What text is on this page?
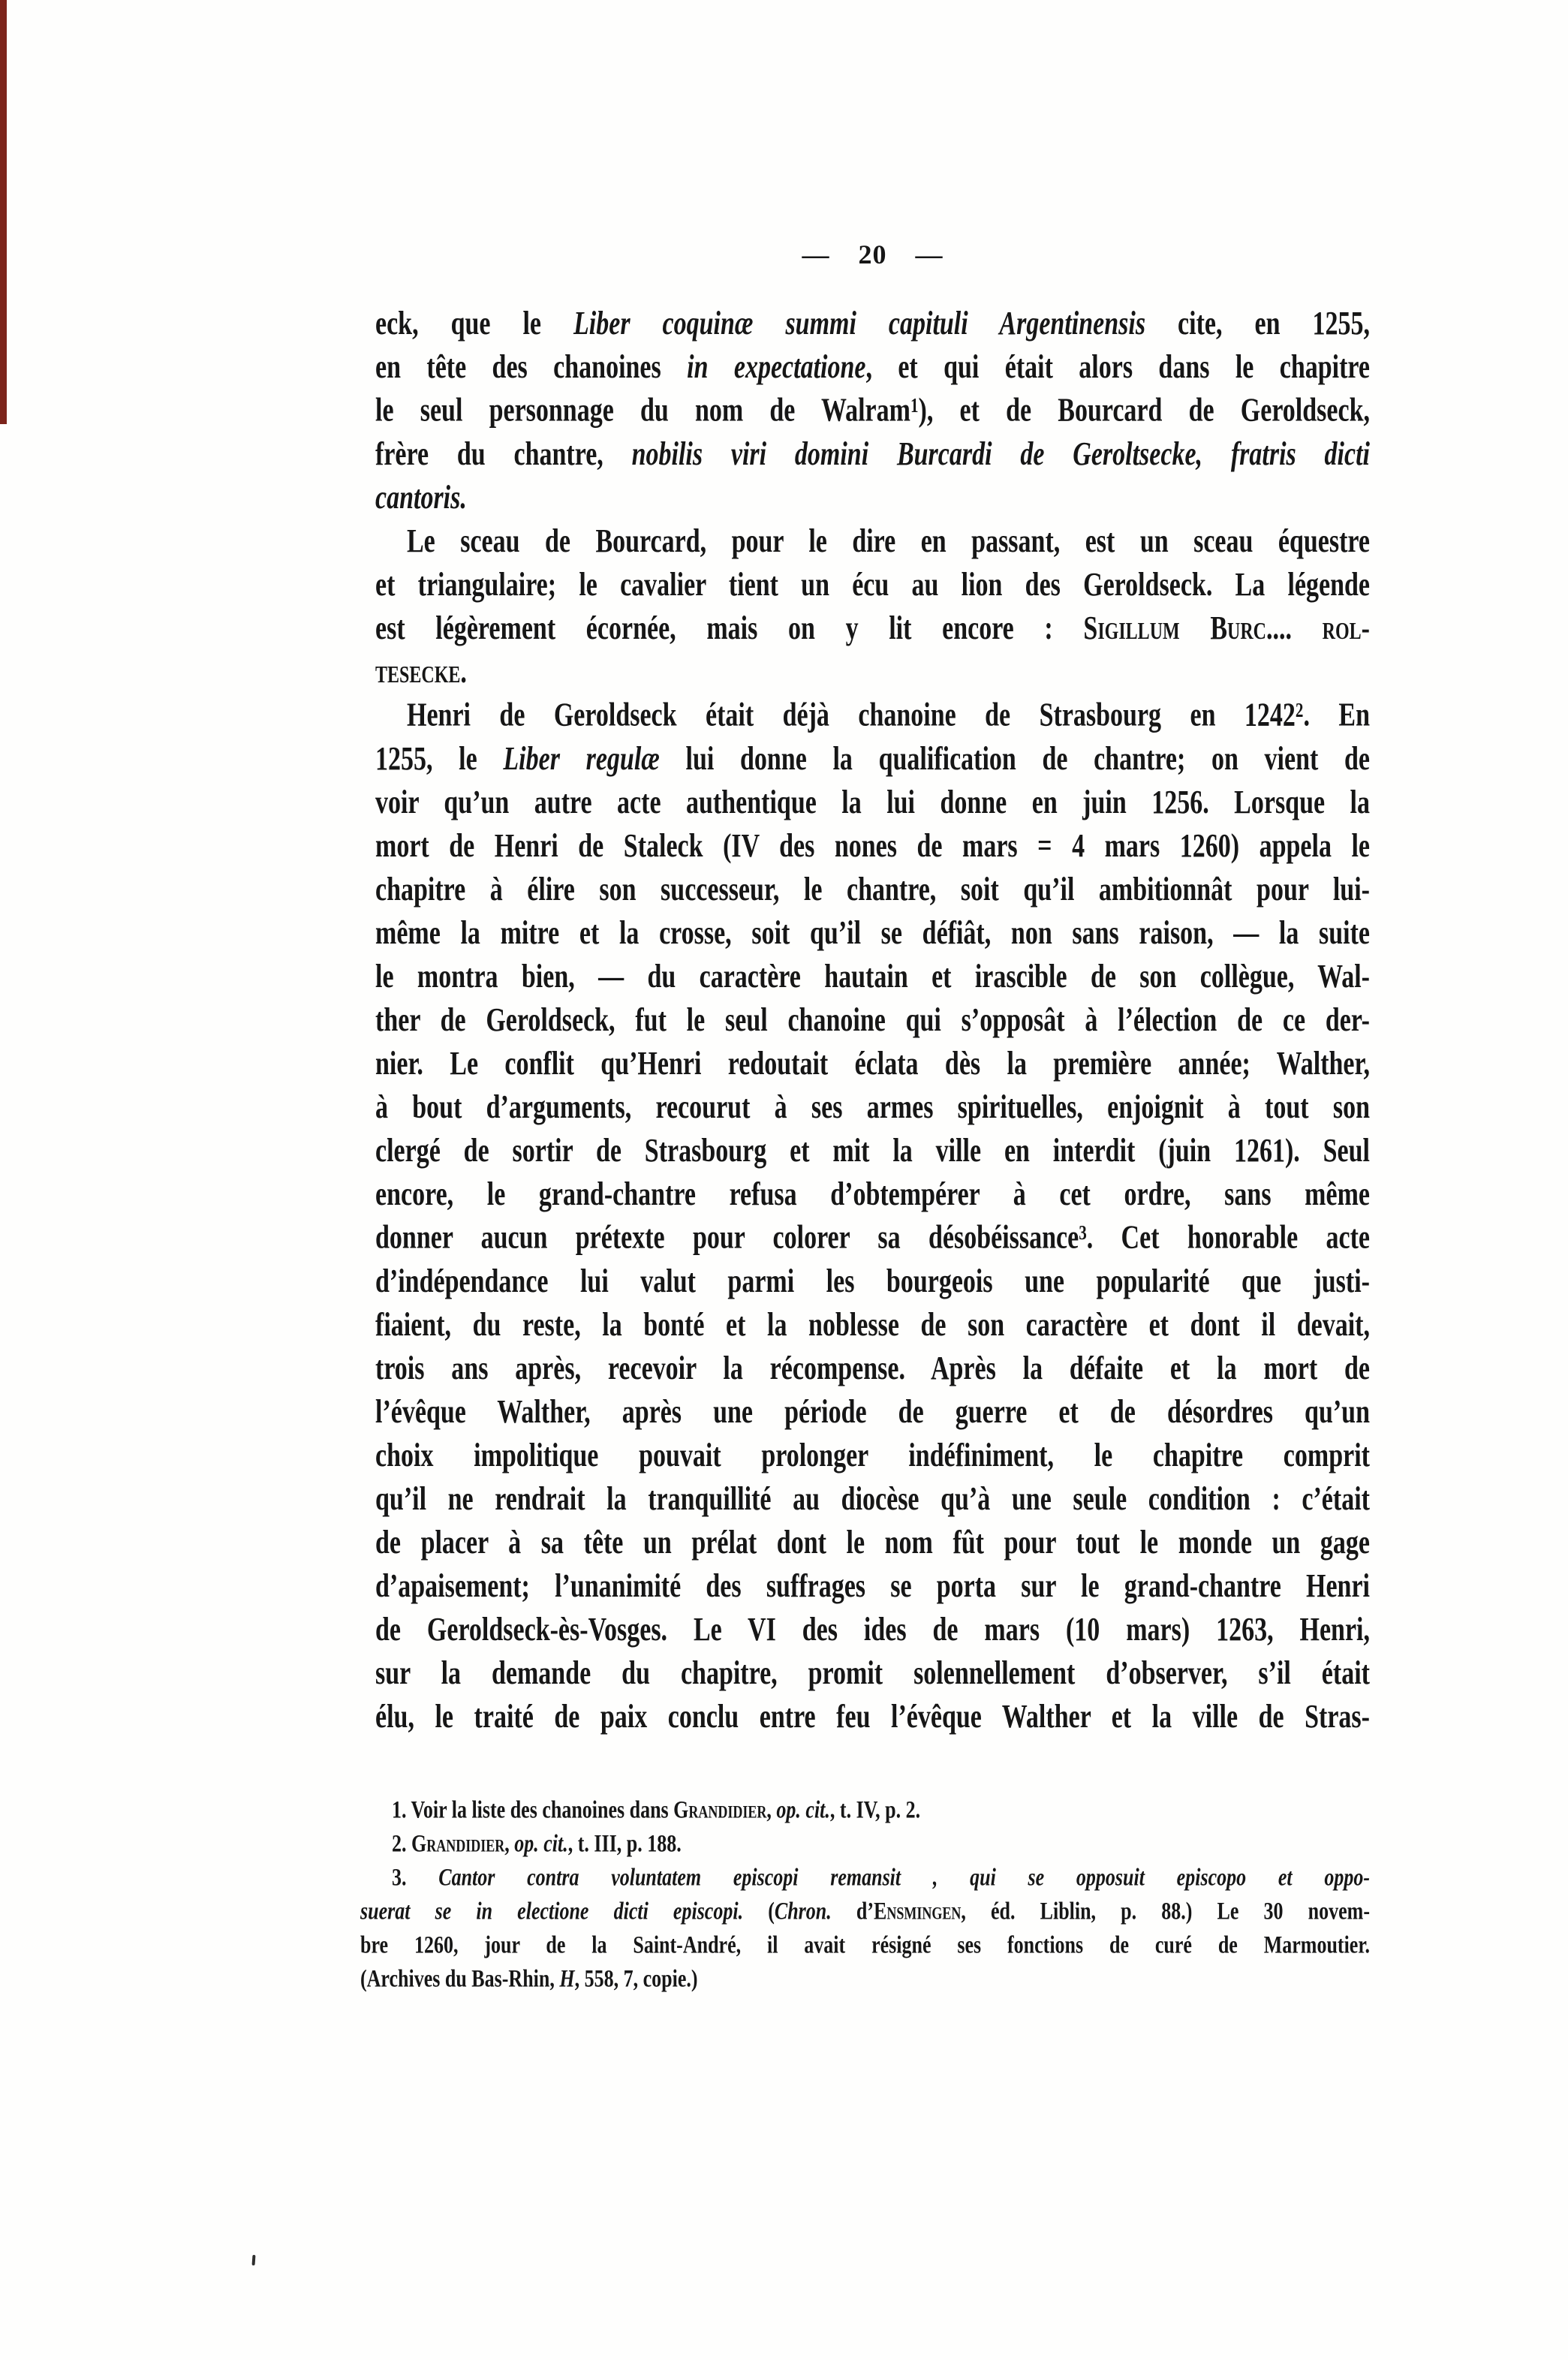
— 20 —
eck, que le Liber coquinæ summi capituli Argentinensis cite, en 1255,
en tête des chanoines in expectatione, et qui était alors dans le chapitre
le seul personnage du nom de Walram$^1$), et de Bourcard de Geroldseck,
frère du chantre, nobilis viri domini Burcardi de Geroltsecke, fratris dicti
cantoris.
Le sceau de Bourcard, pour le dire en passant, est un sceau équestre
et triangulaire; le cavalier tient un écu au lion des Geroldseck. La légende
est légèrement écornée, mais on y lit encore : Sigillum Burc.... rol-
tesecke.
Henri de Geroldseck était déjà chanoine de Strasbourg en 1242$^2$. En
1255, le Liber regulæ lui donne la qualification de chantre; on vient de
voir qu’un autre acte authentique la lui donne en juin 1256. Lorsque la
mort de Henri de Staleck (IV des nones de mars = 4 mars 1260) appela le
chapitre à élire son successeur, le chantre, soit qu’il ambitionnât pour lui-
même la mitre et la crosse, soit qu’il se défiât, non sans raison, — la suite
le montra bien, — du caractère hautain et irascible de son collègue, Wal-
ther de Geroldseck, fut le seul chanoine qui s’opposât à l’élection de ce der-
nier. Le conflit qu’Henri redoutait éclata dès la première année; Walther,
à bout d’arguments, recourut à ses armes spirituelles, enjoignit à tout son
clergé de sortir de Strasbourg et mit la ville en interdit (juin 1261). Seul
encore, le grand-chantre refusa d’obtempérer à cet ordre, sans même
donner aucun prétexte pour colorer sa désobéissance$^3$. Cet honorable acte
d’indépendance lui valut parmi les bourgeois une popularité que justi-
fiaient, du reste, la bonté et la noblesse de son caractère et dont il devait,
trois ans après, recevoir la récompense. Après la défaite et la mort de
l’évêque Walther, après une période de guerre et de désordres qu’un
choix impolitique pouvait prolonger indéfiniment, le chapitre comprit
qu’il ne rendrait la tranquillité au diocèse qu’à une seule condition : c’était
de placer à sa tête un prélat dont le nom fût pour tout le monde un gage
d’apaisement; l’unanimité des suffrages se porta sur le grand-chantre Henri
de Geroldseck-ès-Vosges. Le VI des ides de mars (10 mars) 1263, Henri,
sur la demande du chapitre, promit solennellement d’observer, s’il était
élu, le traité de paix conclu entre feu l’évêque Walther et la ville de Stras-
1. Voir la liste des chanoines dans Grandidier, op. cit., t. IV, p. 2.
2. Grandidier, op. cit., t. III, p. 188.
3. Cantor contra voluntatem episcopi remansit , qui se opposuit episcopo et oppo-
suerat se in electione dicti episcopi. (Chron. d’Ensmingen, éd. Liblin, p. 88.) Le 30 novem-
bre 1260, jour de la Saint-André, il avait résigné ses fonctions de curé de Marmoutier.
(Archives du Bas-Rhin, H, 558, 7, copie.)
